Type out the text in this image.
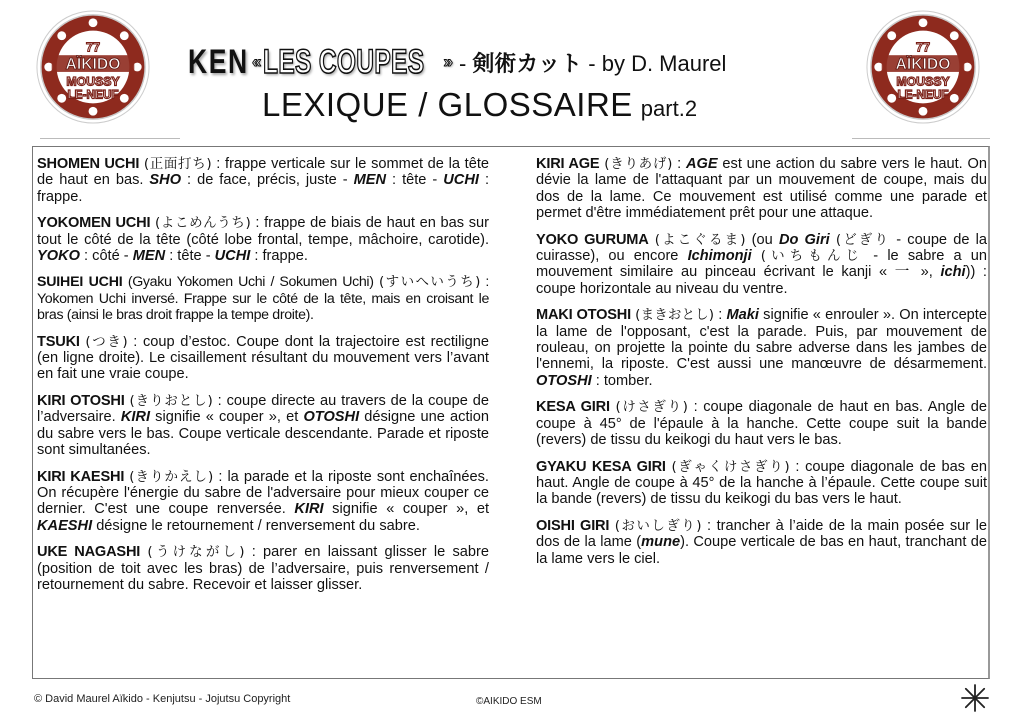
77
AÏKIDO
MOUSSY
LE-NEUF
77
AÏKIDO
MOUSSY
LE-NEUF
KEN « LES COUPES » - 剣術カット - by D. Maurel
LEXIQUE / GLOSSAIRE part.2

SHOMEN UCHI (正面打ち) : frappe verticale sur le sommet de la tête de haut en bas. SHO : de face, précis, juste - MEN : tête - UCHI : frappe.

YOKOMEN UCHI (よこめんうち) : frappe de biais de haut en bas sur tout le côté de la tête (côté lobe frontal, tempe, mâchoire, carotide). YOKO : côté - MEN : tête - UCHI : frappe.

SUIHEI UCHI (Gyaku Yokomen Uchi / Sokumen Uchi) (すいへいうち) : Yokomen Uchi inversé. Frappe sur le côté de la tête, mais en croisant le bras (ainsi le bras droit frappe la tempe droite).

TSUKI (つき) : coup d’estoc. Coupe dont la trajectoire est rectiligne (en ligne droite). Le cisaillement résultant du mouvement vers l’avant en fait une vraie coupe.

KIRI OTOSHI (きりおとし) : coupe directe au travers de la coupe de l’adversaire. KIRI signifie « couper », et OTOSHI désigne une action du sabre vers le bas. Coupe verticale descendante. Parade et riposte sont simultanées.

KIRI KAESHI (きりかえし) : la parade et la riposte sont enchaînées. On récupère l'énergie du sabre de l'adversaire pour mieux couper ce dernier. C'est une coupe renversée. KIRI signifie « couper », et KAESHI désigne le retournement / renversement du sabre.

UKE NAGASHI (うけながし) : parer en laissant glisser le sabre (position de toit avec les bras) de l’adversaire, puis renversement / retournement du sabre. Recevoir et laisser glisser.

KIRI AGE (きりあげ) : AGE est une action du sabre vers le haut. On dévie la lame de l'attaquant par un mouvement de coupe, mais du dos de la lame. Ce mouvement est utilisé comme une parade et permet d'être immédiatement prêt pour une attaque.

YOKO GURUMA (よこぐるま) (ou Do Giri (どぎり - coupe de la cuirasse), ou encore Ichimonji (いちもんじ - le sabre a un mouvement similaire au pinceau écrivant le kanji « 一 », ichi)) : coupe horizontale au niveau du ventre.

MAKI OTOSHI (まきおとし) : Maki signifie « enrouler ». On intercepte la lame de l'opposant, c'est la parade. Puis, par mouvement de rouleau, on projette la pointe du sabre adverse dans les jambes de l'ennemi, la riposte. C'est aussi une manœuvre de désarmement. OTOSHI : tomber.

KESA GIRI (けさぎり) : coupe diagonale de haut en bas. Angle de coupe à 45° de l'épaule à la hanche. Cette coupe suit la bande (revers) de tissu du keikogi du haut vers le bas.

GYAKU KESA GIRI (ぎゃくけさぎり) : coupe diagonale de bas en haut. Angle de coupe à 45° de la hanche à l’épaule. Cette coupe suit la bande (revers) de tissu du keikogi du bas vers le haut.

OISHI GIRI (おいしぎり) : trancher à l’aide de la main posée sur le dos de la lame (mune). Coupe verticale de bas en haut, tranchant de la lame vers le ciel.

© David Maurel Aïkido - Kenjutsu - Jojutsu Copyright	©AIKIDO ESM
